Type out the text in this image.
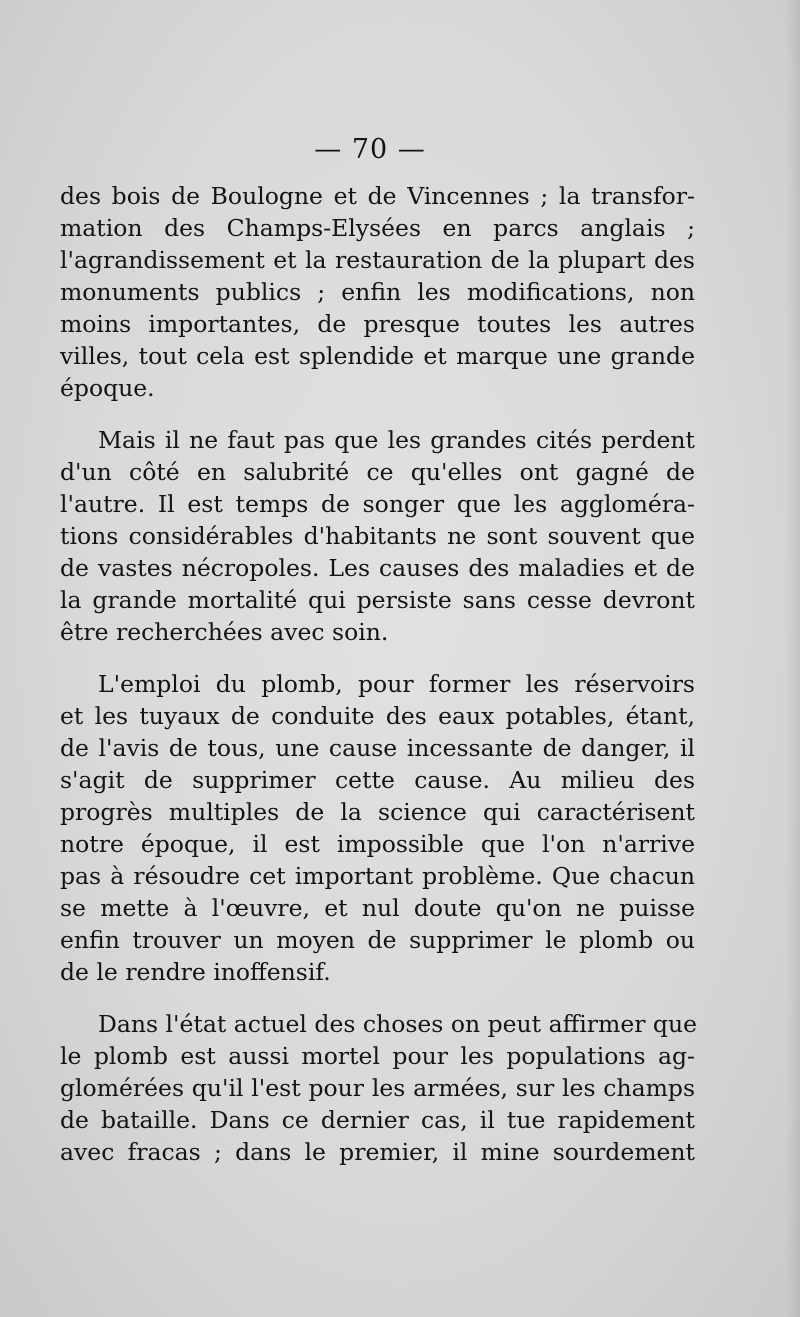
— 70 —
des bois de Boulogne et de Vincennes ; la transfor-
mation des Champs-Elysées en parcs anglais ;
l'agrandissement et la restauration de la plupart des
monuments publics ; enfin les modifications, non
moins importantes, de presque toutes les autres
villes, tout cela est splendide et marque une grande
époque.
Mais il ne faut pas que les grandes cités perdent
d'un côté en salubrité ce qu'elles ont gagné de
l'autre. Il est temps de songer que les aggloméra-
tions considérables d'habitants ne sont souvent que
de vastes nécropoles. Les causes des maladies et de
la grande mortalité qui persiste sans cesse devront
être recherchées avec soin.
L'emploi du plomb, pour former les réservoirs
et les tuyaux de conduite des eaux potables, étant,
de l'avis de tous, une cause incessante de danger, il
s'agit de supprimer cette cause. Au milieu des
progrès multiples de la science qui caractérisent
notre époque, il est impossible que l'on n'arrive
pas à résoudre cet important problème. Que chacun
se mette à l'œuvre, et nul doute qu'on ne puisse
enfin trouver un moyen de supprimer le plomb ou
de le rendre inoffensif.
Dans l'état actuel des choses on peut affirmer que
le plomb est aussi mortel pour les populations ag-
glomérées qu'il l'est pour les armées, sur les champs
de bataille. Dans ce dernier cas, il tue rapidement
avec fracas ; dans le premier, il mine sourdement
